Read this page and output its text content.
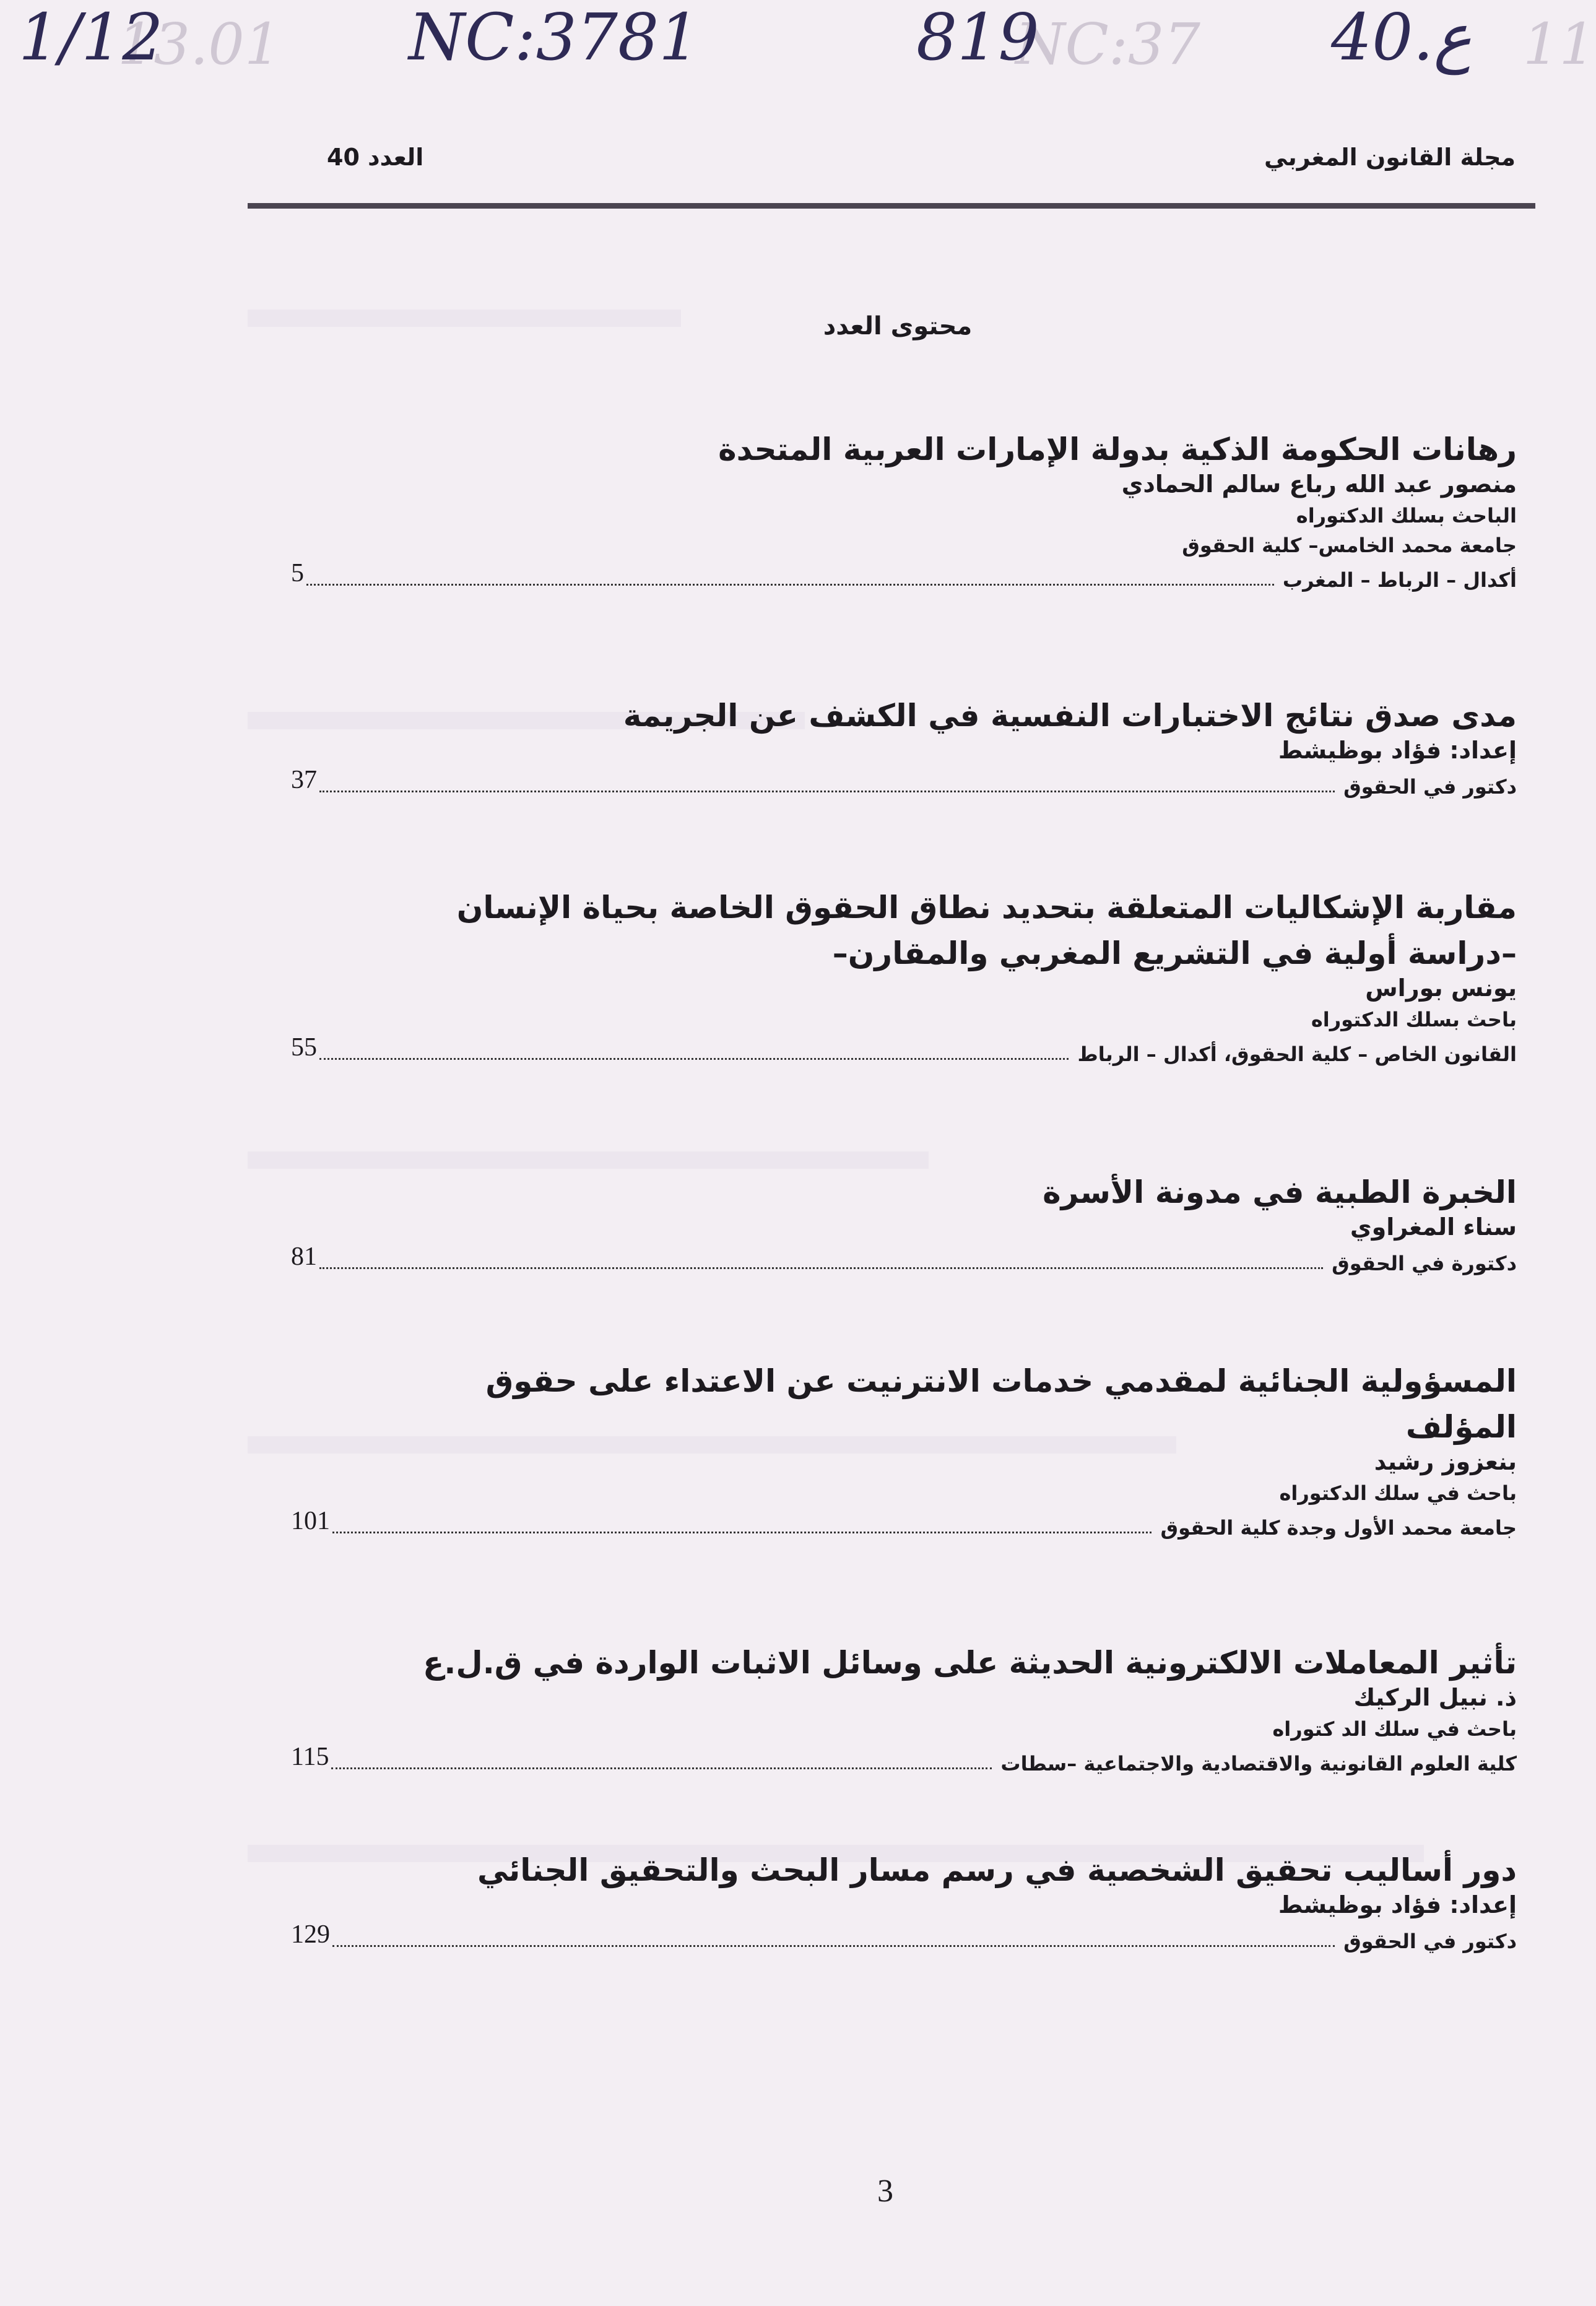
13.01	NC:37	11
1/12	NC:3781	819	40.ع
مجلة القانون المغربي
العدد 40
محتوى العدد
رهانات الحكومة الذكية بدولة الإمارات العربية المتحدة
منصور عبد الله رباع سالم الحمادي
الباحث بسلك الدكتوراه
جامعة محمد الخامس– كلية الحقوق
5	أكدال – الرباط – المغرب
مدى صدق نتائج الاختبارات النفسية في الكشف عن الجريمة
إعداد: فؤاد بوظيشط
37	دكتور في الحقوق
مقاربة الإشكاليات المتعلقة بتحديد نطاق الحقوق الخاصة بحياة الإنسان
–دراسة أولية في التشريع المغربي والمقارن–
يونس بوراس
باحث بسلك الدكتوراه
55	القانون الخاص – كلية الحقوق، أكدال – الرباط
الخبرة الطبية في مدونة الأسرة
سناء المغراوي
81	دكتورة في الحقوق
المسؤولية الجنائية لمقدمي خدمات الانترنيت عن الاعتداء على حقوق
المؤلف
بنعزوز رشيد
باحث في سلك الدكتوراه
101	جامعة محمد الأول وجدة كلية الحقوق
تأثير المعاملات الالكترونية الحديثة على وسائل الاثبات الواردة في ق.ل.ع
ذ. نبيل الركيك
باحث في سلك الد كتوراه
115	كلية العلوم القانونية والاقتصادية والاجتماعية –سطات
دور أساليب تحقيق الشخصية في رسم مسار البحث والتحقيق الجنائي
إعداد: فؤاد بوظيشط
129	دكتور في الحقوق
3
